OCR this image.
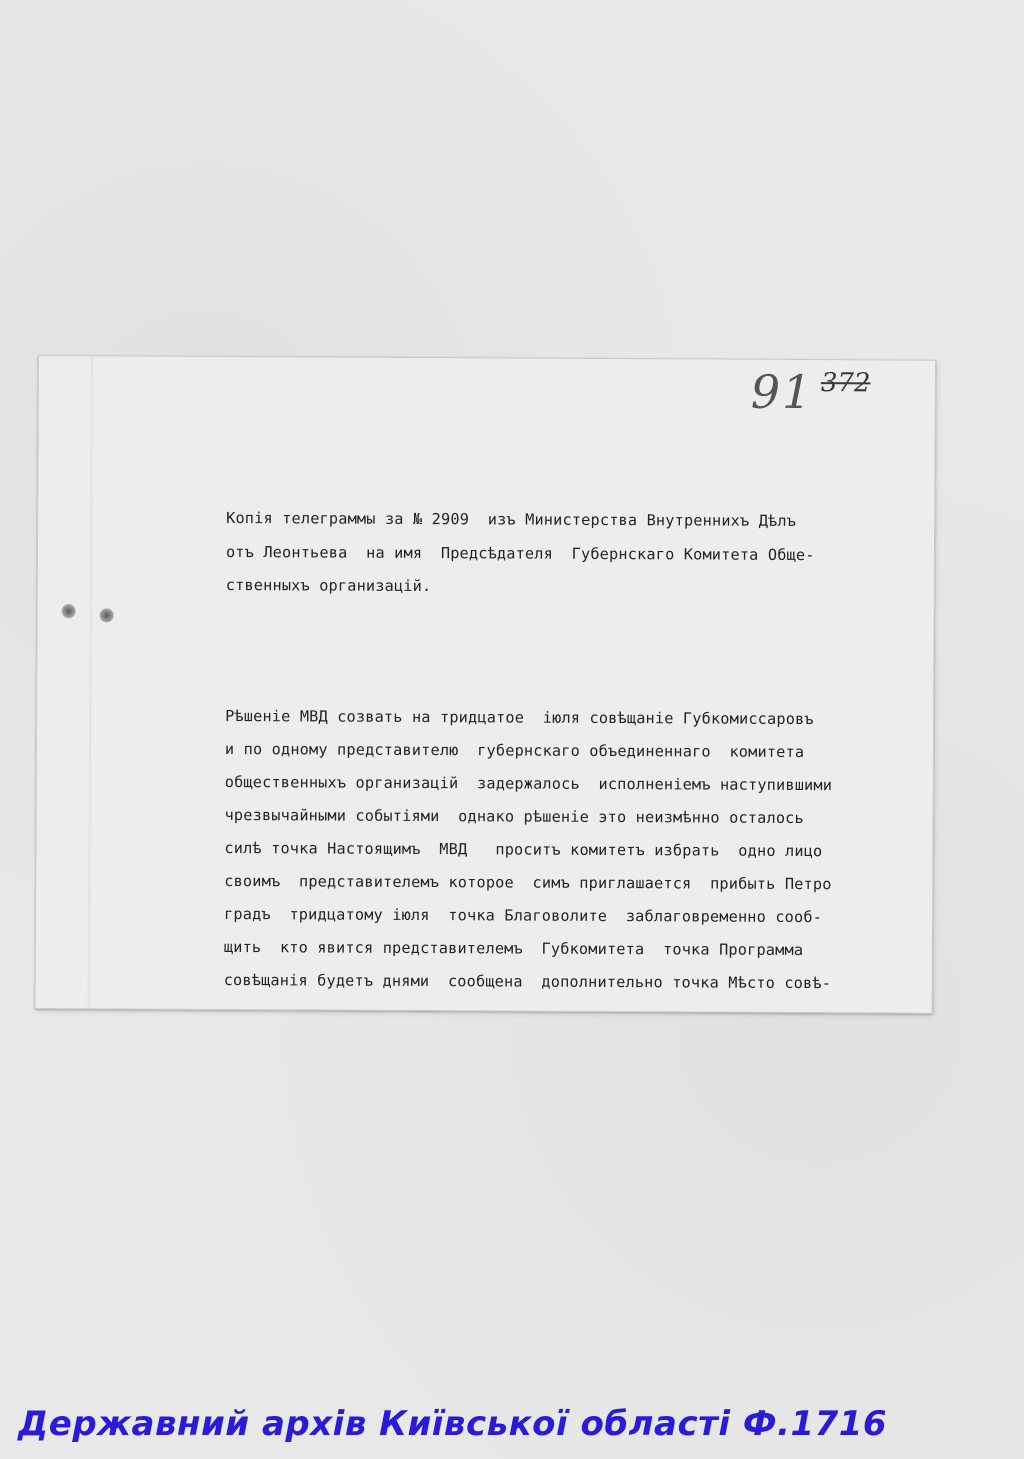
91 372
Копія телеграммы за № 2909  изъ Министерства Внутреннихъ Дѣлъ
отъ Леонтьева  на имя  Предсѣдателя  Губернскаго Комитета Обще-
ственныхъ организацій.
Рѣшеніе МВД созвать на тридцатое  іюля совѣщаніе Губкомиссаровъ
и по одному представителю  губернскаго объединеннаго  комитета
общественныхъ организацій  задержалось  исполненіемъ наступившими
чрезвычайными событіями  однако рѣшеніе это неизмѣнно осталось
силѣ точка Настоящимъ  МВД   проситъ комитетъ избрать  одно лицо
своимъ  представителемъ которое  симъ приглашается  прибыть Петро
градъ  тридцатому іюля  точка Благоволите  заблаговременно сооб-
щить  кто явится представителемъ  Губкомитета  точка Программа
совѣщанія будетъ днями  сообщена  дополнительно точка Мѣсто совѣ-
Державний архів Київської області Ф.1716
